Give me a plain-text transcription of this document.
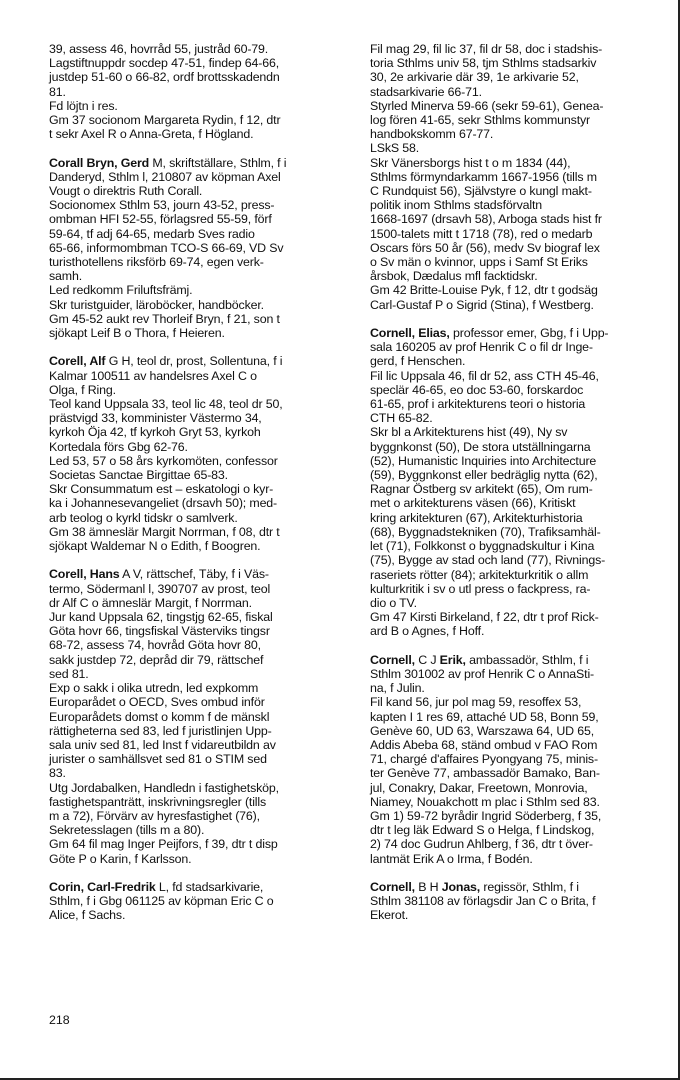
39, assess 46, hovrråd 55, justråd 60-79.
Lagstiftnuppdr socdep 47-51, findep 64-66,
justdep 51-60 o 66-82, ordf brottsskadendn
81.
Fd löjtn i res.
Gm 37 socionom Margareta Rydin, f 12, dtr
t sekr Axel R o Anna-Greta, f Högland.
Corall Bryn, Gerd M, skriftställare, Sthlm, f i
Danderyd, Sthlm l, 210807 av köpman Axel
Vougt o direktris Ruth Corall.
Socionomex Sthlm 53, journ 43-52, press-
ombman HFI 52-55, förlagsred 55-59, förf
59-64, tf adj 64-65, medarb Sves radio
65-66, informombman TCO-S 66-69, VD Sv
turisthotellens riksförb 69-74, egen verk-
samh.
Led redkomm Friluftsfrämj.
Skr turistguider, läroböcker, handböcker.
Gm 45-52 aukt rev Thorleif Bryn, f 21, son t
sjökapt Leif B o Thora, f Heieren.
Corell, Alf G H, teol dr, prost, Sollentuna, f i
Kalmar 100511 av handelsres Axel C o
Olga, f Ring.
Teol kand Uppsala 33, teol lic 48, teol dr 50,
prästvigd 33, komminister Västermo 34,
kyrkoh Öja 42, tf kyrkoh Gryt 53, kyrkoh
Kortedala förs Gbg 62-76.
Led 53, 57 o 58 års kyrkomöten, confessor
Societas Sanctae Birgittae 65-83.
Skr Consummatum est – eskatologi o kyr-
ka i Johannesevangeliet (drsavh 50); med-
arb teolog o kyrkl tidskr o samlverk.
Gm 38 ämneslär Margit Norrman, f 08, dtr t
sjökapt Waldemar N o Edith, f Boogren.
Corell, Hans A V, rättschef, Täby, f i Väs-
termo, Södermanl l, 390707 av prost, teol
dr Alf C o ämneslär Margit, f Norrman.
Jur kand Uppsala 62, tingstjg 62-65, fiskal
Göta hovr 66, tingsfiskal Västerviks tingsr
68-72, assess 74, hovråd Göta hovr 80,
sakk justdep 72, depråd dir 79, rättschef
sed 81.
Exp o sakk i olika utredn, led expkomm
Europarådet o OECD, Sves ombud inför
Europarådets domst o komm f de mänskl
rättigheterna sed 83, led f juristlinjen Upp-
sala univ sed 81, led Inst f vidareutbildn av
jurister o samhällsvet sed 81 o STIM sed
83.
Utg Jordabalken, Handledn i fastighetsköp,
fastighetspanträtt, inskrivningsregler (tills
m a 72), Förvärv av hyresfastighet (76),
Sekretesslagen (tills m a 80).
Gm 64 fil mag Inger Peijfors, f 39, dtr t disp
Göte P o Karin, f Karlsson.
Corin, Carl-Fredrik L, fd stadsarkivarie,
Sthlm, f i Gbg 061125 av köpman Eric C o
Alice, f Sachs.
Fil mag 29, fil lic 37, fil dr 58, doc i stadshis-
toria Sthlms univ 58, tjm Sthlms stadsarkiv
30, 2e arkivarie där 39, 1e arkivarie 52,
stadsarkivarie 66-71.
Styrled Minerva 59-66 (sekr 59-61), Genea-
log fören 41-65, sekr Sthlms kommunstyr
handbokskomm 67-77.
LSkS 58.
Skr Vänersborgs hist t o m 1834 (44),
Sthlms förmyndarkamm 1667-1956 (tills m
C Rundquist 56), Självstyre o kungl makt-
politik inom Sthlms stadsförvaltn
1668-1697 (drsavh 58), Arboga stads hist fr
1500-talets mitt t 1718 (78), red o medarb
Oscars förs 50 år (56), medv Sv biograf lex
o Sv män o kvinnor, upps i Samf St Eriks
årsbok, Dædalus mfl facktidskr.
Gm 42 Britte-Louise Pyk, f 12, dtr t godsäg
Carl-Gustaf P o Sigrid (Stina), f Westberg.
Cornell, Elias, professor emer, Gbg, f i Upp-
sala 160205 av prof Henrik C o fil dr Inge-
gerd, f Henschen.
Fil lic Uppsala 46, fil dr 52, ass CTH 45-46,
speclär 46-65, eo doc 53-60, forskardoc
61-65, prof i arkitekturens teori o historia
CTH 65-82.
Skr bl a Arkitekturens hist (49), Ny sv
byggnkonst (50), De stora utställningarna
(52), Humanistic Inquiries into Architecture
(59), Byggnkonst eller bedräglig nytta (62),
Ragnar Östberg sv arkitekt (65), Om rum-
met o arkitekturens väsen (66), Kritiskt
kring arkitekturen (67), Arkitekturhistoria
(68), Byggnadstekniken (70), Trafiksamhäl-
let (71), Folkkonst o byggnadskultur i Kina
(75), Bygge av stad och land (77), Rivnings-
raseriets rötter (84); arkitekturkritik o allm
kulturkritik i sv o utl press o fackpress, ra-
dio o TV.
Gm 47 Kirsti Birkeland, f 22, dtr t prof Rick-
ard B o Agnes, f Hoff.
Cornell, C J Erik, ambassadör, Sthlm, f i
Sthlm 301002 av prof Henrik C o AnnaSti-
na, f Julin.
Fil kand 56, jur pol mag 59, resoffex 53,
kapten I 1 res 69, attaché UD 58, Bonn 59,
Genève 60, UD 63, Warszawa 64, UD 65,
Addis Abeba 68, ständ ombud v FAO Rom
71, chargé d'affaires Pyongyang 75, minis-
ter Genève 77, ambassadör Bamako, Ban-
jul, Conakry, Dakar, Freetown, Monrovia,
Niamey, Nouakchott m plac i Sthlm sed 83.
Gm 1) 59-72 byrådir Ingrid Söderberg, f 35,
dtr t leg läk Edward S o Helga, f Lindskog,
2) 74 doc Gudrun Ahlberg, f 36, dtr t över-
lantmät Erik A o Irma, f Bodén.
Cornell, B H Jonas, regissör, Sthlm, f i
Sthlm 381108 av förlagsdir Jan C o Brita, f
Ekerot.
218
